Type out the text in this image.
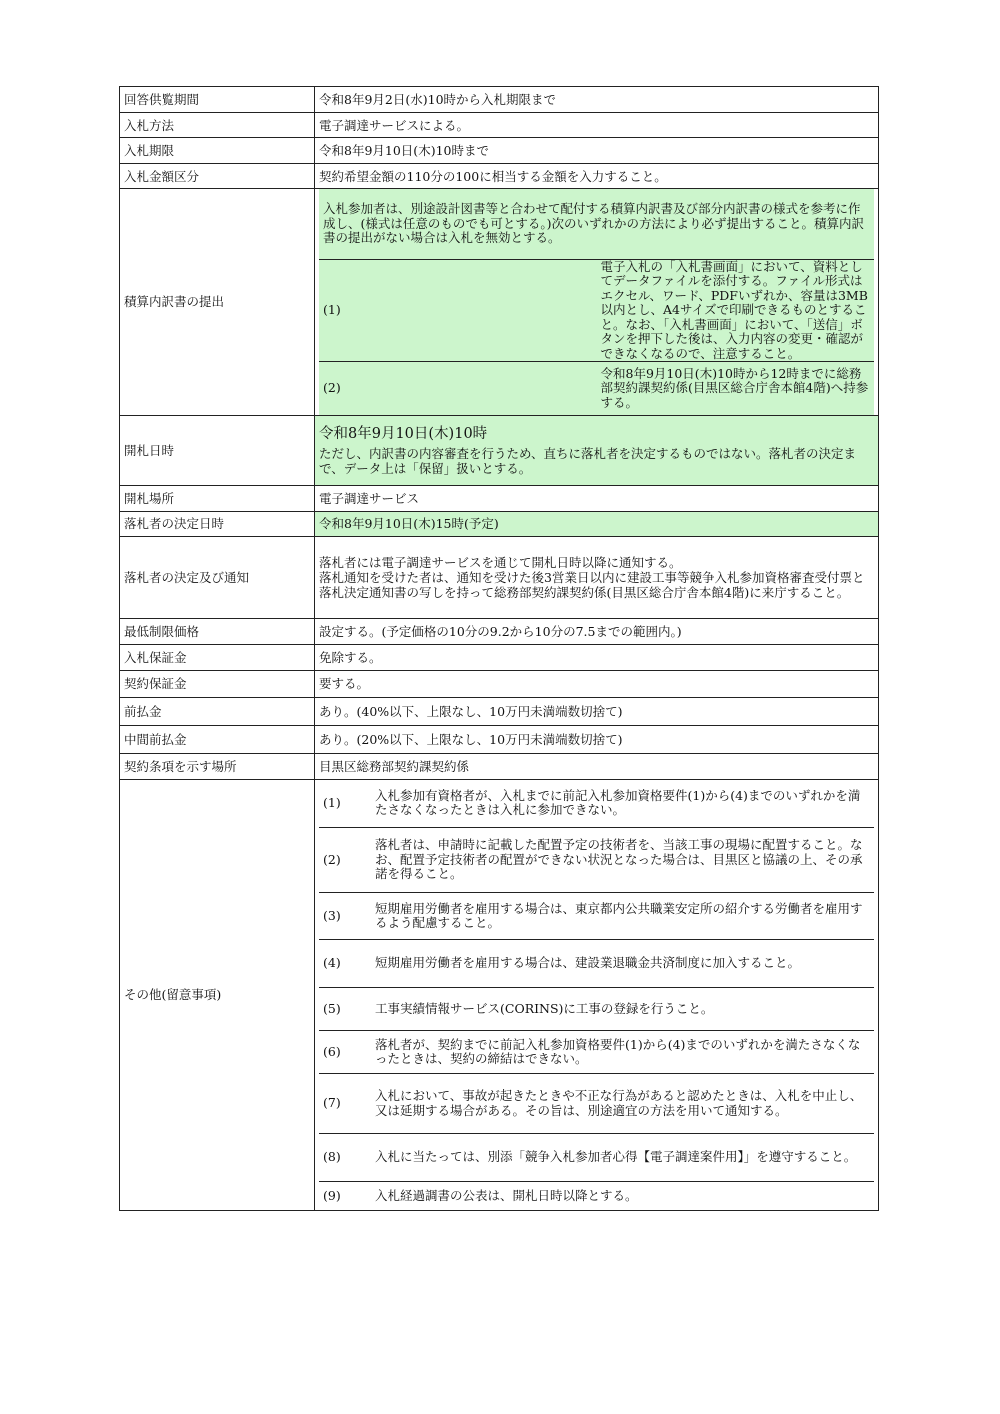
回答供覧期間	令和8年9月2日(水)10時から入札期限まで
入札方法	電子調達サービスによる。
入札期限	令和8年9月10日(木)10時まで
入札金額区分	契約希望金額の110分の100に相当する金額を入力すること。
積算内訳書の提出	
入札参加者は、別途設計図書等と合わせて配付する積算内訳書及び部分内訳書の様式を参考に作成し、(様式は任意のものでも可とする。)次のいずれかの方法により必ず提出すること。積算内訳書の提出がない場合は入札を無効とする。
(1)	電子入札の「入札書画面」において、資料としてデータファイルを添付する。ファイル形式はエクセル、ワード、PDFいずれか、容量は3MB以内とし、A4サイズで印刷できるものとすること。なお、「入札書画面」において、「送信」ボタンを押下した後は、入力内容の変更・確認ができなくなるので、注意すること。
(2)	令和8年9月10日(木)10時から12時までに総務部契約課契約係(目黒区総合庁舎本館4階)へ持参する。

開札日時	
令和8年9月10日(木)10時
ただし、内訳書の内容審査を行うため、直ちに落札者を決定するものではない。落札者の決定まで、データ上は「保留」扱いとする。

開札場所	電子調達サービス
落札者の決定日時	令和8年9月10日(木)15時(予定)
落札者の決定及び通知	落札者には電子調達サービスを通じて開札日時以降に通知する。
落札通知を受けた者は、通知を受けた後3営業日以内に建設工事等競争入札参加資格審査受付票と落札決定通知書の写しを持って総務部契約課契約係(目黒区総合庁舎本館4階)に来庁すること。
最低制限価格	設定する。(予定価格の10分の9.2から10分の7.5までの範囲内。)
入札保証金	免除する。
契約保証金	要する。
前払金	あり。(40%以下、上限なし、10万円未満端数切捨て)
中間前払金	あり。(20%以下、上限なし、10万円未満端数切捨て)
契約条項を示す場所	目黒区総務部契約課契約係
その他(留意事項)	
(1)	入札参加有資格者が、入札までに前記入札参加資格要件(1)から(4)までのいずれかを満たさなくなったときは入札に参加できない。
(2)	落札者は、申請時に記載した配置予定の技術者を、当該工事の現場に配置すること。なお、配置予定技術者の配置ができない状況となった場合は、目黒区と協議の上、その承諾を得ること。
(3)	短期雇用労働者を雇用する場合は、東京都内公共職業安定所の紹介する労働者を雇用するよう配慮すること。
(4)	短期雇用労働者を雇用する場合は、建設業退職金共済制度に加入すること。
(5)	工事実績情報サービス(CORINS)に工事の登録を行うこと。
(6)	落札者が、契約までに前記入札参加資格要件(1)から(4)までのいずれかを満たさなくなったときは、契約の締結はできない。
(7)	入札において、事故が起きたときや不正な行為があると認めたときは、入札を中止し、又は延期する場合がある。その旨は、別途適宜の方法を用いて通知する。
(8)	入札に当たっては、別添「競争入札参加者心得【電子調達案件用】」を遵守すること。
(9)	入札経過調書の公表は、開札日時以降とする。
